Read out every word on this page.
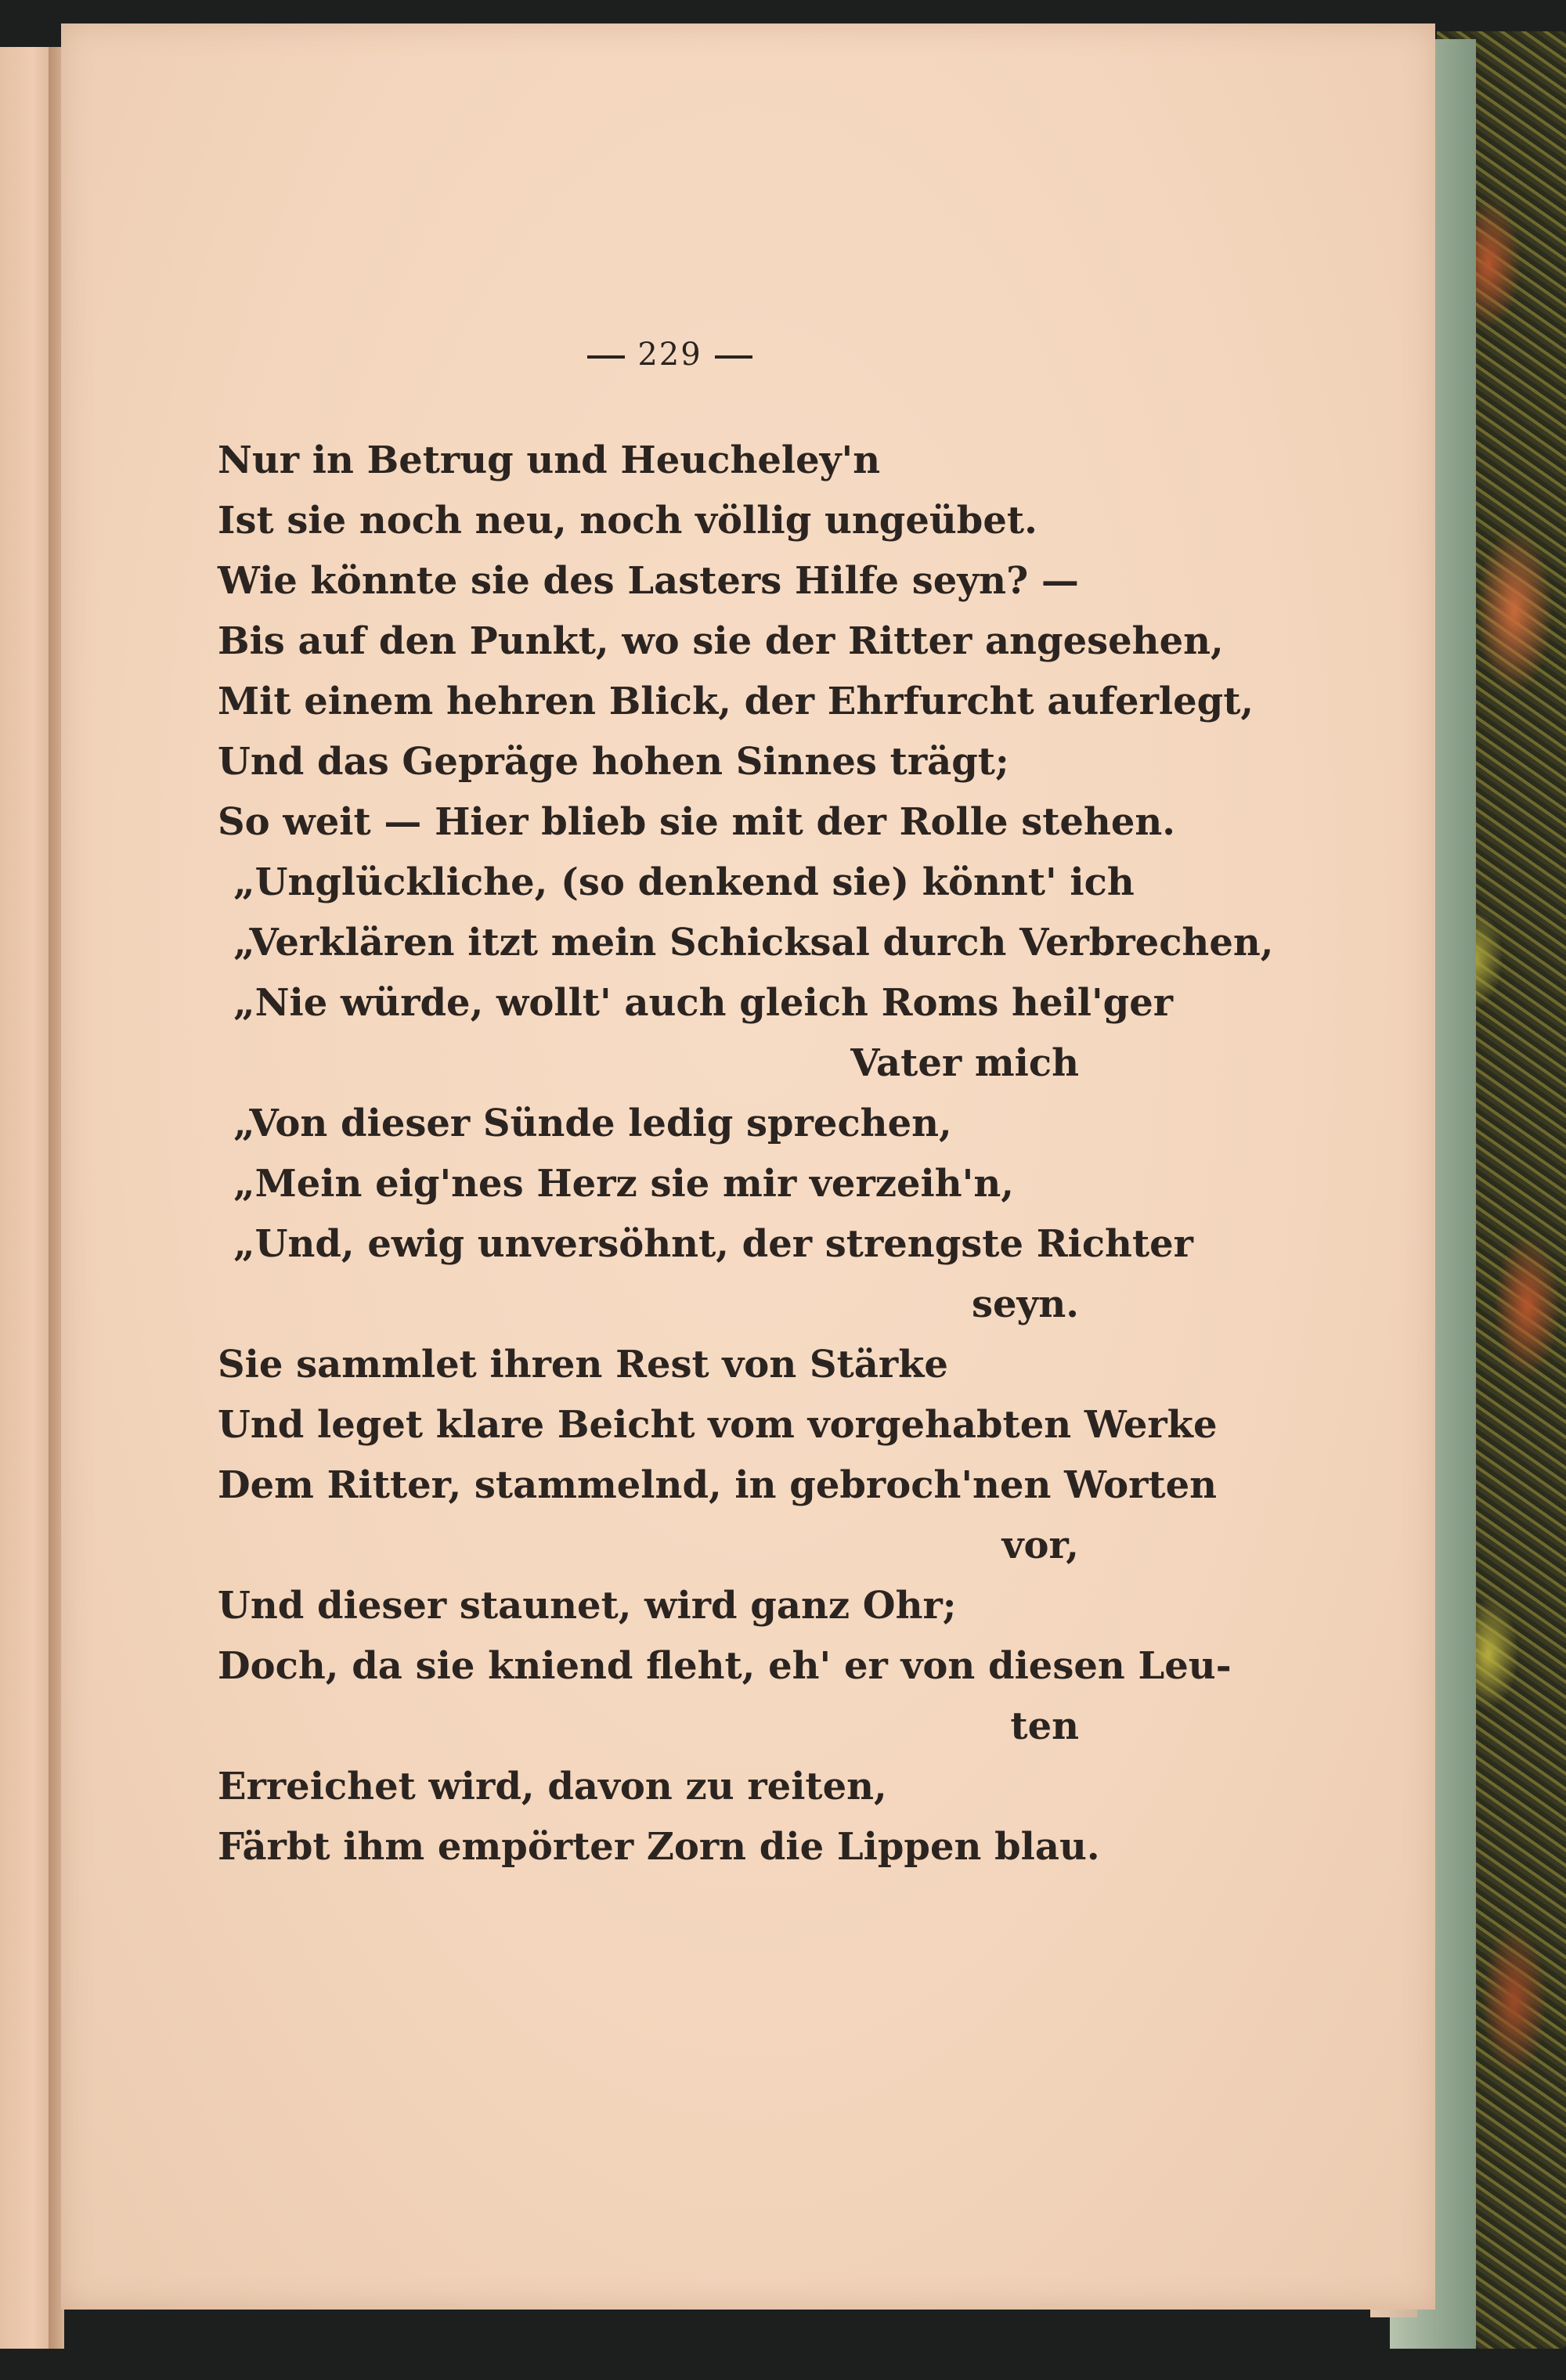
229
Nur in Betrug und Heucheley'n
Ist sie noch neu, noch völlig ungeübet.
Wie könnte sie des Lasters Hilfe seyn? —
Bis auf den Punkt, wo sie der Ritter angesehen,
Mit einem hehren Blick, der Ehrfurcht auferlegt,
Und das Gepräge hohen Sinnes trägt;
So weit — Hier blieb sie mit der Rolle stehen.
„Unglückliche, (so denkend sie) könnt' ich
„Verklären itzt mein Schicksal durch Verbrechen,
„Nie würde, wollt' auch gleich Roms heil'ger
Vater mich
„Von dieser Sünde ledig sprechen,
„Mein eig'nes Herz sie mir verzeih'n,
„Und, ewig unversöhnt, der strengste Richter
seyn.
Sie sammlet ihren Rest von Stärke
Und leget klare Beicht vom vorgehabten Werke
Dem Ritter, stammelnd, in gebroch'nen Worten
vor,
Und dieser staunet, wird ganz Ohr;
Doch, da sie kniend fleht, eh' er von diesen Leu-
ten
Erreichet wird, davon zu reiten,
Färbt ihm empörter Zorn die Lippen blau.
